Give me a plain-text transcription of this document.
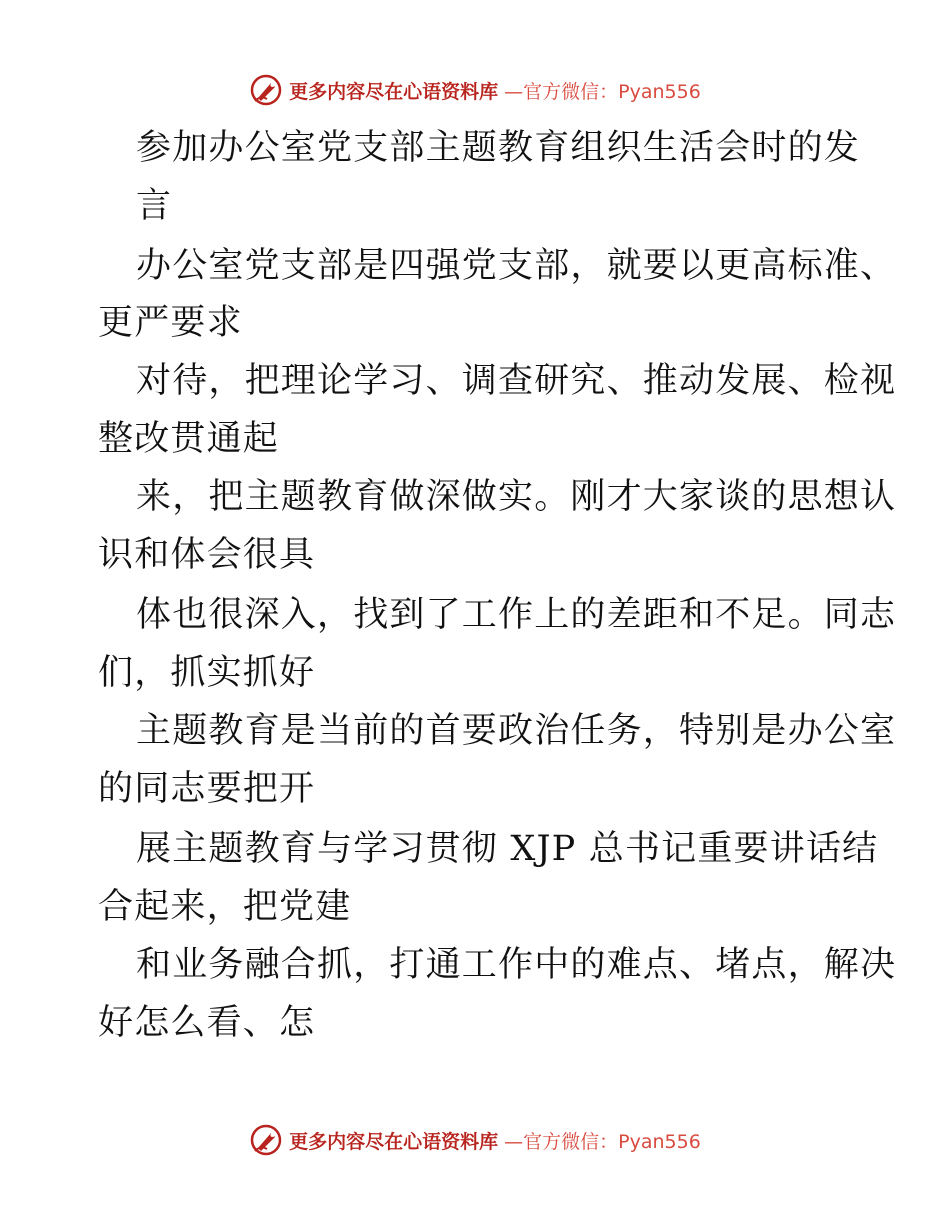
更多内容尽在心语资料库 —官方微信：Pyan556
参加办公室党支部主题教育组织生活会时的发
言
办公室党支部是四强党支部，就要以更高标准、
更严要求
对待，把理论学习、调查研究、推动发展、检视
整改贯通起
来，把主题教育做深做实。刚才大家谈的思想认
识和体会很具
体也很深入，找到了工作上的差距和不足。同志
们，抓实抓好
主题教育是当前的首要政治任务，特别是办公室
的同志要把开
展主题教育与学习贯彻 XJP 总书记重要讲话结
合起来，把党建
和业务融合抓，打通工作中的难点、堵点，解决
好怎么看、怎
更多内容尽在心语资料库 —官方微信：Pyan556
